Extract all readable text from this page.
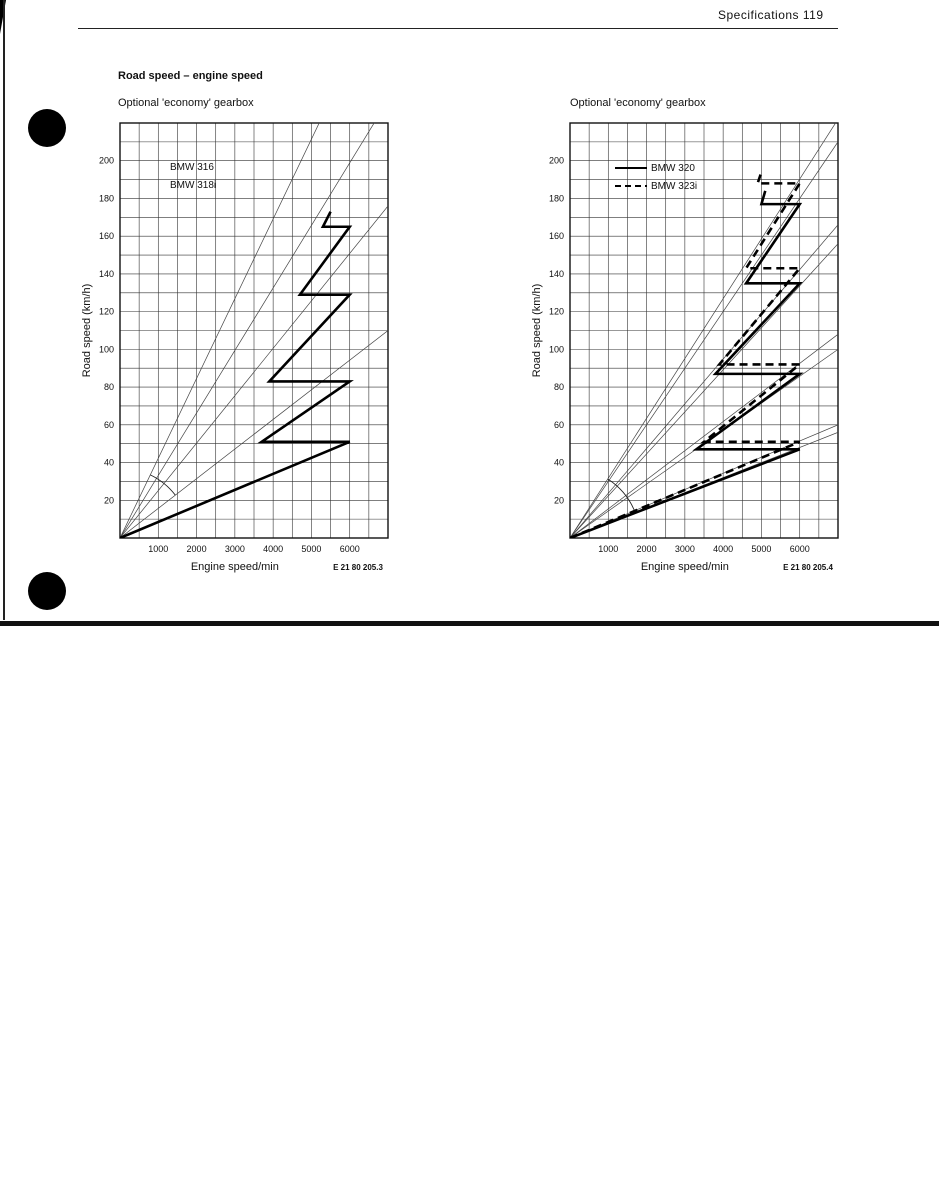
Specifications 119
Road speed – engine speed
Optional 'economy' gearbox	Optional 'economy' gearbox
20
40
60
80
100
120
140
160
180
200
1000 2000 3000 4000 5000 6000
Engine speed/min
Road speed (km/h)
E 21 80 205.3
BMW 316
BMW 318i
20
40
60
80
100
120
140
160
180
200
1000 2000 3000 4000 5000 6000
Engine speed/min
Road speed (km/h)
E 21 80 205.4
BMW 320
BMW 323i
